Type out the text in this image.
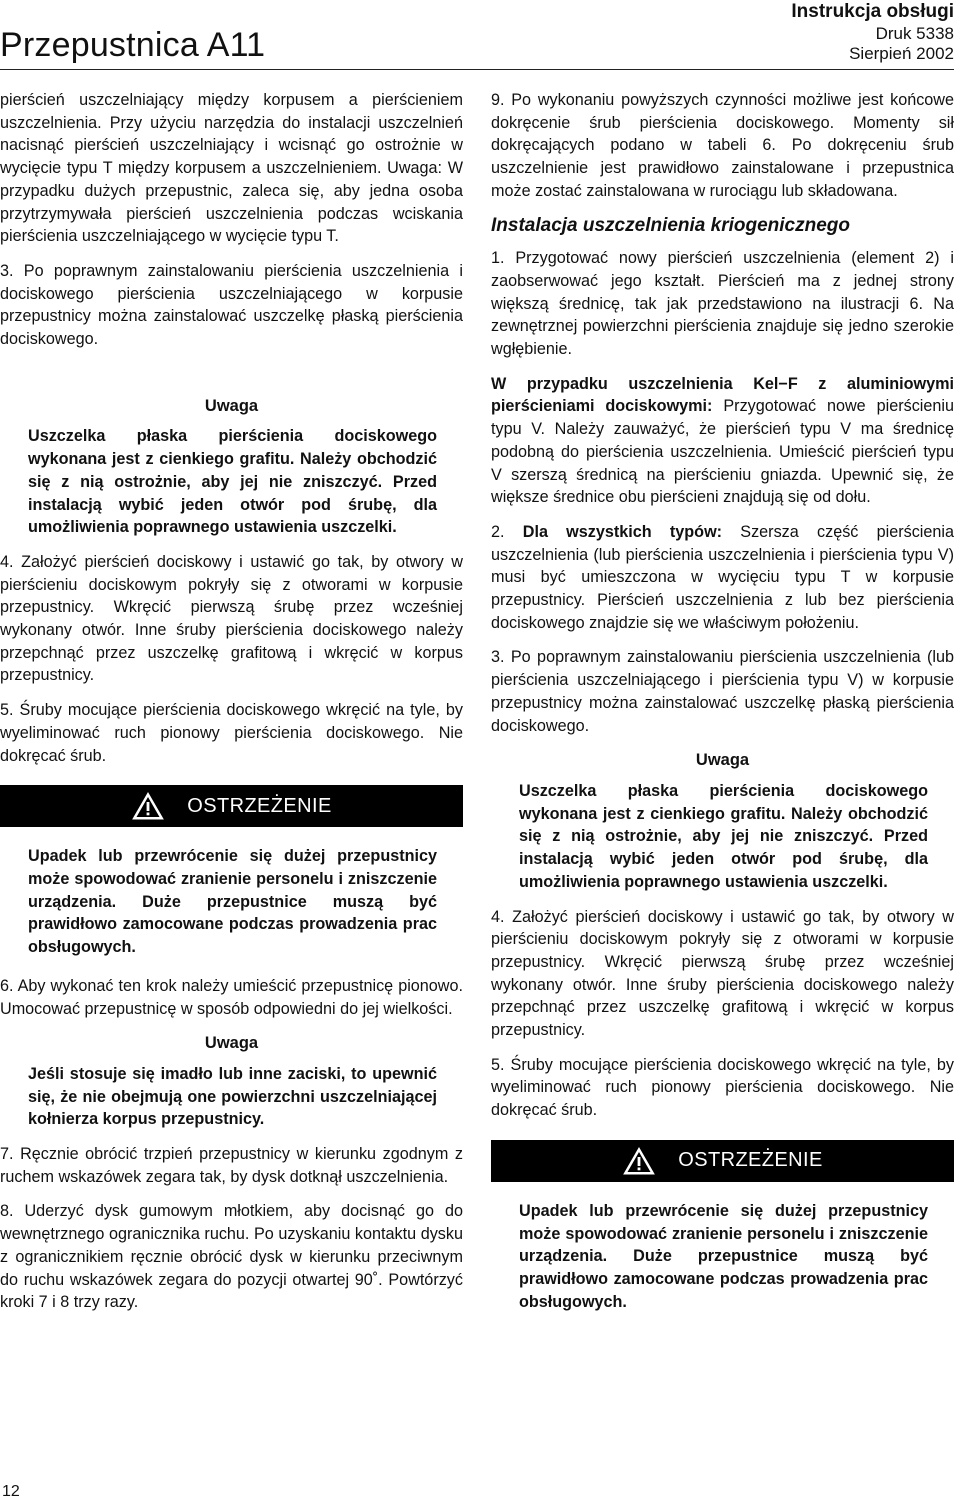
Przepustnica A11
Instrukcja obsługi
Druk 5338
Sierpień 2002

pierścień uszczelniający między korpusem a pierścieniem uszczelnienia. Przy użyciu narzędzia do instalacji uszczelnień nacisnąć pierścień uszczelniający i wcisnąć go ostrożnie w wycięcie typu T między korpusem a uszczelnieniem. Uwaga: W przypadku dużych przepustnic, zaleca się, aby jedna osoba przytrzymywała pierścień uszczelnienia podczas wciskania pierścienia uszczelniającego w wycięcie typu T.

3. Po poprawnym zainstalowaniu pierścienia uszczelnienia i dociskowego pierścienia uszczelniającego w korpusie przepustnicy można zainstalować uszczelkę płaską pierścienia dociskowego.

Uwaga
Uszczelka płaska pierścienia dociskowego wykonana jest z cienkiego grafitu. Należy obchodzić się z nią ostrożnie, aby jej nie zniszczyć. Przed instalacją wybić jeden otwór pod śrubę, dla umożliwienia poprawnego ustawienia uszczelki.

4. Założyć pierścień dociskowy i ustawić go tak, by otwory w pierścieniu dociskowym pokryły się z otworami w korpusie przepustnicy. Wkręcić pierwszą śrubę przez wcześniej wykonany otwór. Inne śruby pierścienia dociskowego należy przepchnąć przez uszczelkę grafitową i wkręcić w korpus przepustnicy.

5. Śruby mocujące pierścienia dociskowego wkręcić na tyle, by wyeliminować ruch pionowy pierścienia dociskowego. Nie dokręcać śrub.

OSTRZEŻENIE
Upadek lub przewrócenie się dużej przepustnicy może spowodować zranienie personelu i zniszczenie urządzenia. Duże przepustnice muszą być prawidłowo zamocowane podczas prowadzenia prac obsługowych.

6. Aby wykonać ten krok należy umieścić przepustnicę pionowo. Umocować przepustnicę w sposób odpowiedni do jej wielkości.

Uwaga
Jeśli stosuje się imadło lub inne zaciski, to upewnić się, że nie obejmują one powierzchni uszczelniającej kołnierza korpus przepustnicy.

7. Ręcznie obrócić trzpień przepustnicy w kierunku zgodnym z ruchem wskazówek zegara tak, by dysk dotknął uszczelnienia.

8. Uderzyć dysk gumowym młotkiem, aby docisnąć go do wewnętrznego ogranicznika ruchu. Po uzyskaniu kontaktu dysku z ogranicznikiem ręcznie obrócić dysk w kierunku przeciwnym do ruchu wskazówek zegara do pozycji otwartej 90˚. Powtórzyć kroki 7 i 8 trzy razy.

9. Po wykonaniu powyższych czynności możliwe jest końcowe dokręcenie śrub pierścienia dociskowego. Momenty sił dokręcających podano w tabeli 6. Po dokręceniu śrub uszczelnienie jest prawidłowo zainstalowane i przepustnica może zostać zainstalowana w rurociągu lub składowana.

Instalacja uszczelnienia kriogenicznego

1. Przygotować nowy pierścień uszczelnienia (element 2) i zaobserwować jego kształt. Pierścień ma z jednej strony większą średnicę, tak jak przedstawiono na ilustracji 6. Na zewnętrznej powierzchni pierścienia znajduje się jedno szerokie wgłębienie.

W przypadku uszczelnienia Kel−F z aluminiowymi pierścieniami dociskowymi: Przygotować nowe pierścieniu typu V. Należy zauważyć, że pierścień typu V ma średnicę podobną do pierścienia uszczelnienia. Umieścić pierścień typu V szerszą średnicą na pierścieniu gniazda. Upewnić się, że większe średnice obu pierścieni znajdują się od dołu.

2. Dla wszystkich typów: Szersza część pierścienia uszczelnienia (lub pierścienia uszczelnienia i pierścienia typu V) musi być umieszczona w wycięciu typu T w korpusie przepustnicy. Pierścień uszczelnienia z lub bez pierścienia dociskowego znajdzie się we właściwym położeniu.

3. Po poprawnym zainstalowaniu pierścienia uszczelnienia (lub pierścienia uszczelniającego i pierścienia typu V) w korpusie przepustnicy można zainstalować uszczelkę płaską pierścienia dociskowego.

Uwaga
Uszczelka płaska pierścienia dociskowego wykonana jest z cienkiego grafitu. Należy obchodzić się z nią ostrożnie, aby jej nie zniszczyć. Przed instalacją wybić jeden otwór pod śrubę, dla umożliwienia poprawnego ustawienia uszczelki.

4. Założyć pierścień dociskowy i ustawić go tak, by otwory w pierścieniu dociskowym pokryły się z otworami w korpusie przepustnicy. Wkręcić pierwszą śrubę przez wcześniej wykonany otwór. Inne śruby pierścienia dociskowego należy przepchnąć przez uszczelkę grafitową i wkręcić w korpus przepustnicy.

5. Śruby mocujące pierścienia dociskowego wkręcić na tyle, by wyeliminować ruch pionowy pierścienia dociskowego. Nie dokręcać śrub.

OSTRZEŻENIE
Upadek lub przewrócenie się dużej przepustnicy może spowodować zranienie personelu i zniszczenie urządzenia. Duże przepustnice muszą być prawidłowo zamocowane podczas prowadzenia prac obsługowych.
12
